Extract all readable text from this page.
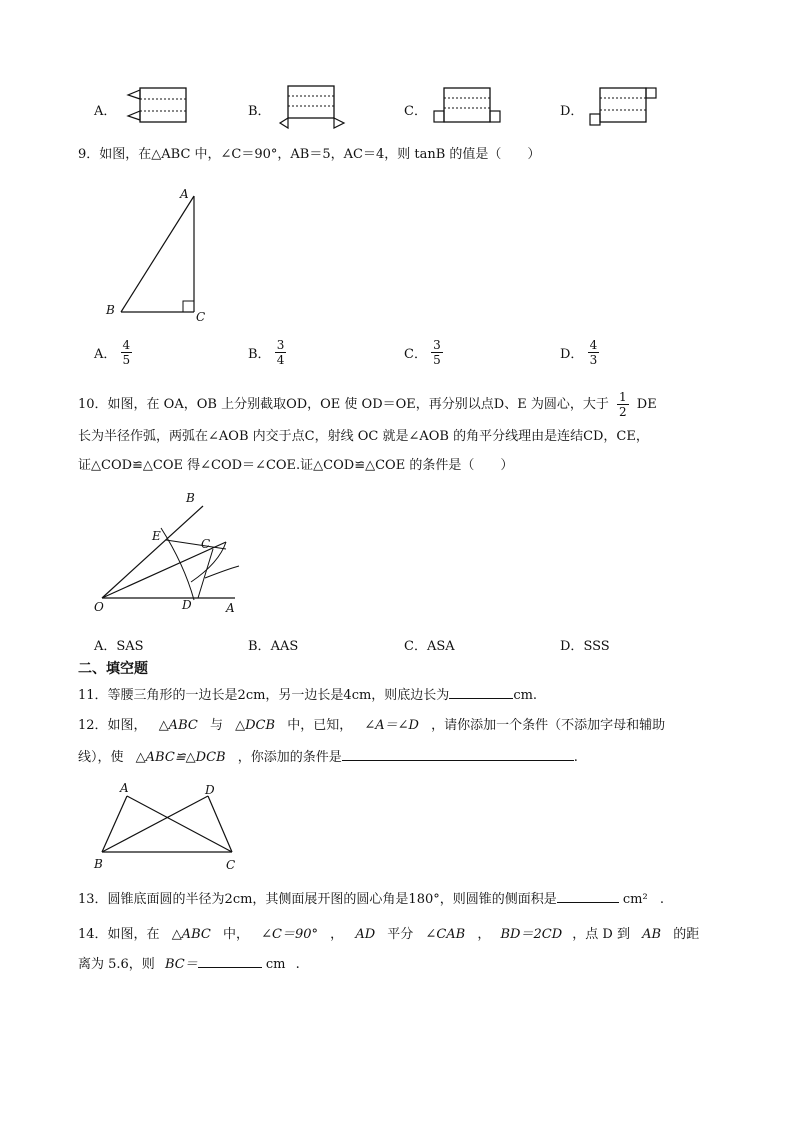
A．	B．	C．	D．
9．如图，在△ABC 中，∠C＝90°，AB＝5，AC＝4，则 tanB 的值是（　　）
A
B	C
A． $\frac{4}{5}$	B． $\frac{3}{4}$	C． $\frac{3}{5}$	D． $\frac{4}{3}$
10．如图，在 OA，OB 上分别截取OD，OE 使 OD＝OE，再分别以点D、E 为圆心，大于 $\frac{1}{2}$ DE
长为半径作弧，两弧在∠AOB 内交于点C，射线 OC 就是∠AOB 的角平分线理由是连结CD，CE，
证△COD≌△COE 得∠COD＝∠COE.证△COD≌△COE 的条件是（　　）
B
E
C
O	D	A
A．SAS	B．AAS	C．ASA	D．SSS
二、填空题
11．等腰三角形的一边长是2cm，另一边长是4cm，则底边长为	cm.
12．如图， △ABC 与 △DCB 中，已知， ∠A＝∠D ，请你添加一个条件（不添加字母和辅助
线），使 △ABC≌△DCB ，你添加的条件是	.
A	D
B	C
13．圆锥底面圆的半径为2cm，其侧面展开图的圆心角是180°，则圆锥的侧面积是	cm² .
14．如图，在 △ABC 中， ∠C＝90° ， AD 平分 ∠CAB ， BD＝2CD ，点 D 到 AB 的距
离为 5.6，则 BC＝	cm .
